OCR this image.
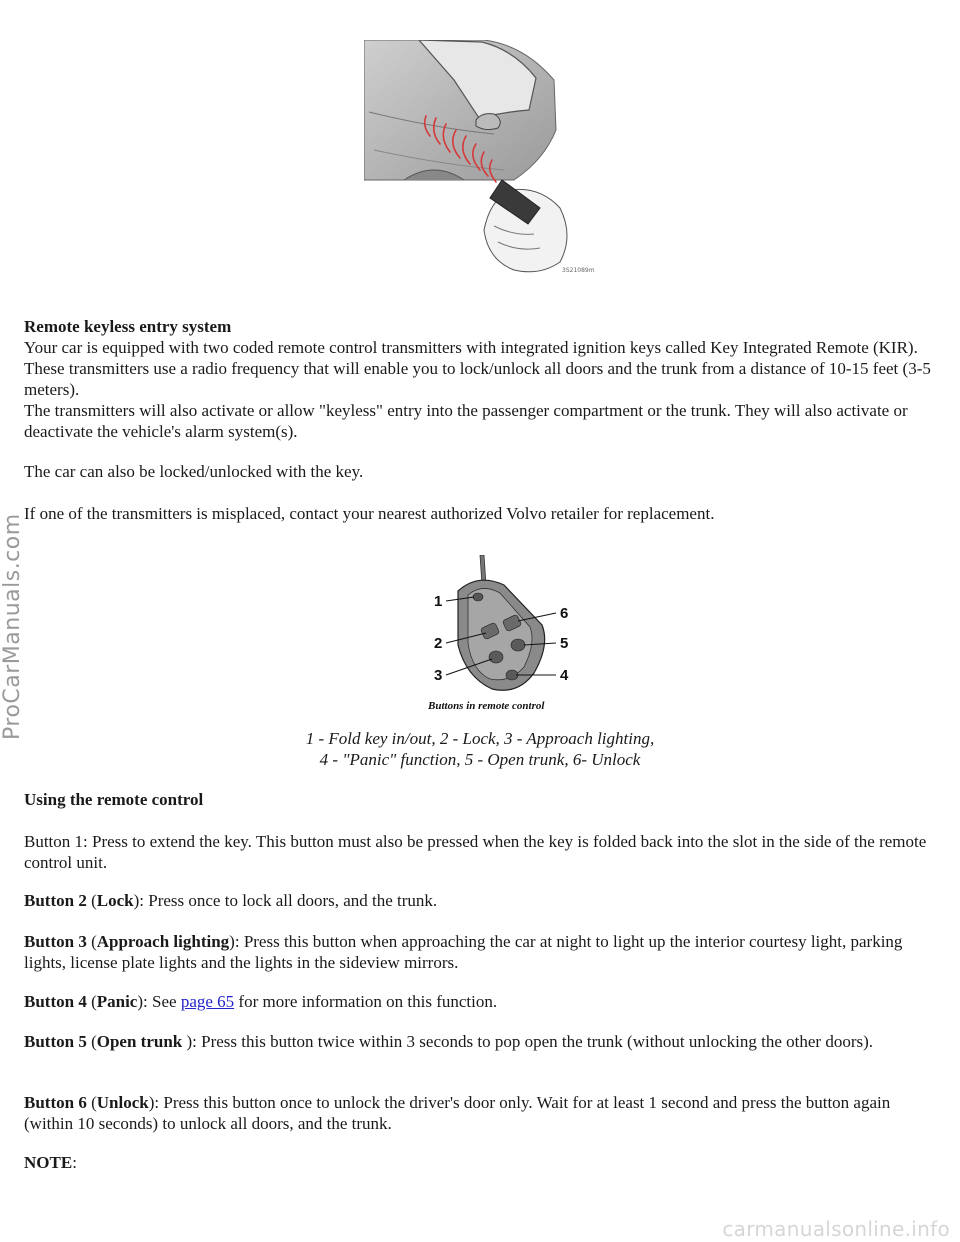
ProCarManuals.com
carmanualsonline.info
3S21089m

Remote keyless entry system

Your car is equipped with two coded remote control transmitters with integrated ignition keys called Key Integrated Remote (KIR). These transmitters use a radio frequency that will enable you to lock/unlock all doors and the trunk from a distance of 10-15 feet (3-5 meters).

The transmitters will also activate or allow "keyless" entry into the passenger compartment or the trunk. They will also activate or deactivate the vehicle's alarm system(s).

The car can also be locked/unlocked with the key.

If one of the transmitters is misplaced, contact your nearest authorized Volvo retailer for replacement.

1
2
3	4
5
6
Buttons in remote control
1 - Fold key in/out, 2 - Lock, 3 - Approach lighting,
4 - "Panic" function, 5 - Open trunk, 6- Unlock

Using the remote control

Button 1: Press to extend the key. This button must also be pressed when the key is folded back into the slot in the side of the remote control unit.

Button 2 (Lock): Press once to lock all doors, and the trunk.

Button 3 (Approach lighting): Press this button when approaching the car at night to light up the interior courtesy light, parking lights, license plate lights and the lights in the sideview mirrors.

Button 4 (Panic): See page 65 for more information on this function.

Button 5 (Open trunk ): Press this button twice within 3 seconds to pop open the trunk (without unlocking the other doors).

Button 6 (Unlock): Press this button once to unlock the driver's door only. Wait for at least 1 second and press the button again (within 10 seconds) to unlock all doors, and the trunk.

NOTE:
